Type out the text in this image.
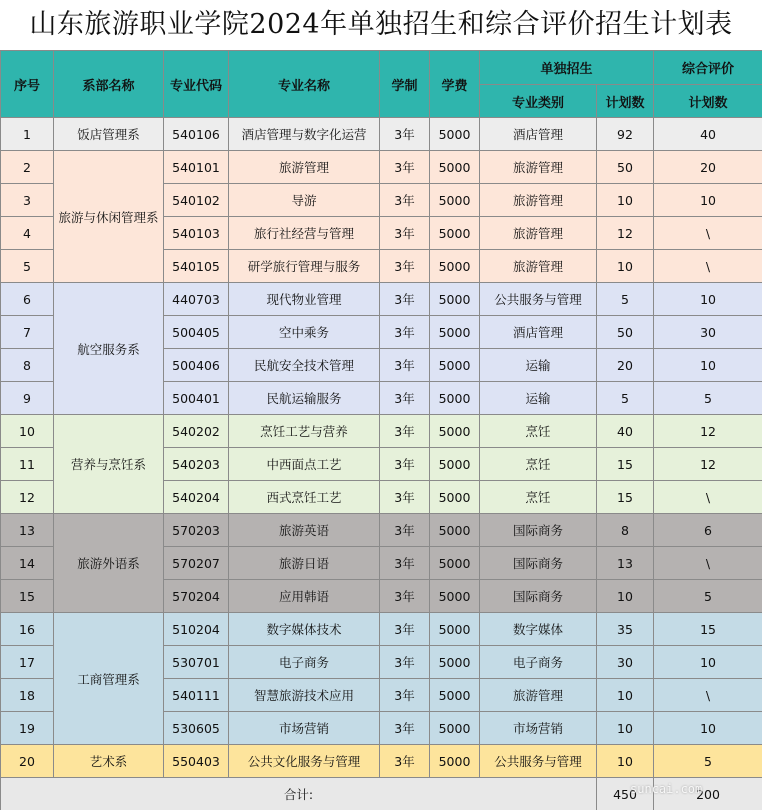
山东旅游职业学院2024年单独招生和综合评价招生计划表
序号	系部名称	专业代码	专业名称	学制	学费	单独招生		综合评价
						专业类别	计划数	计划数
1	饭店管理系	540106	酒店管理与数字化运营	3年	5000	酒店管理	92	40
2	旅游与休闲管理系	540101	旅游管理	3年	5000	旅游管理	50	20
3		540102	导游	3年	5000	旅游管理	10	10
4		540103	旅行社经营与管理	3年	5000	旅游管理	12	\
5		540105	研学旅行管理与服务	3年	5000	旅游管理	10	\
6	航空服务系	440703	现代物业管理	3年	5000	公共服务与管理	5	10
7		500405	空中乘务	3年	5000	酒店管理	50	30
8		500406	民航安全技术管理	3年	5000	运输	20	10
9		500401	民航运输服务	3年	5000	运输	5	5
10	营养与烹饪系	540202	烹饪工艺与营养	3年	5000	烹饪	40	12
11		540203	中西面点工艺	3年	5000	烹饪	15	12
12		540204	西式烹饪工艺	3年	5000	烹饪	15	\
13	旅游外语系	570203	旅游英语	3年	5000	国际商务	8	6
14		570207	旅游日语	3年	5000	国际商务	13	\
15		570204	应用韩语	3年	5000	国际商务	10	5
16	工商管理系	510204	数字媒体技术	3年	5000	数字媒体	35	15
17		530701	电子商务	3年	5000	电子商务	30	10
18		540111	智慧旅游技术应用	3年	5000	旅游管理	10	\
19		530605	市场营销	3年	5000	市场营销	10	10
20	艺术系	550403	公共文化服务与管理	3年	5000	公共服务与管理	10	5
合计:							450	200
suncai.com
